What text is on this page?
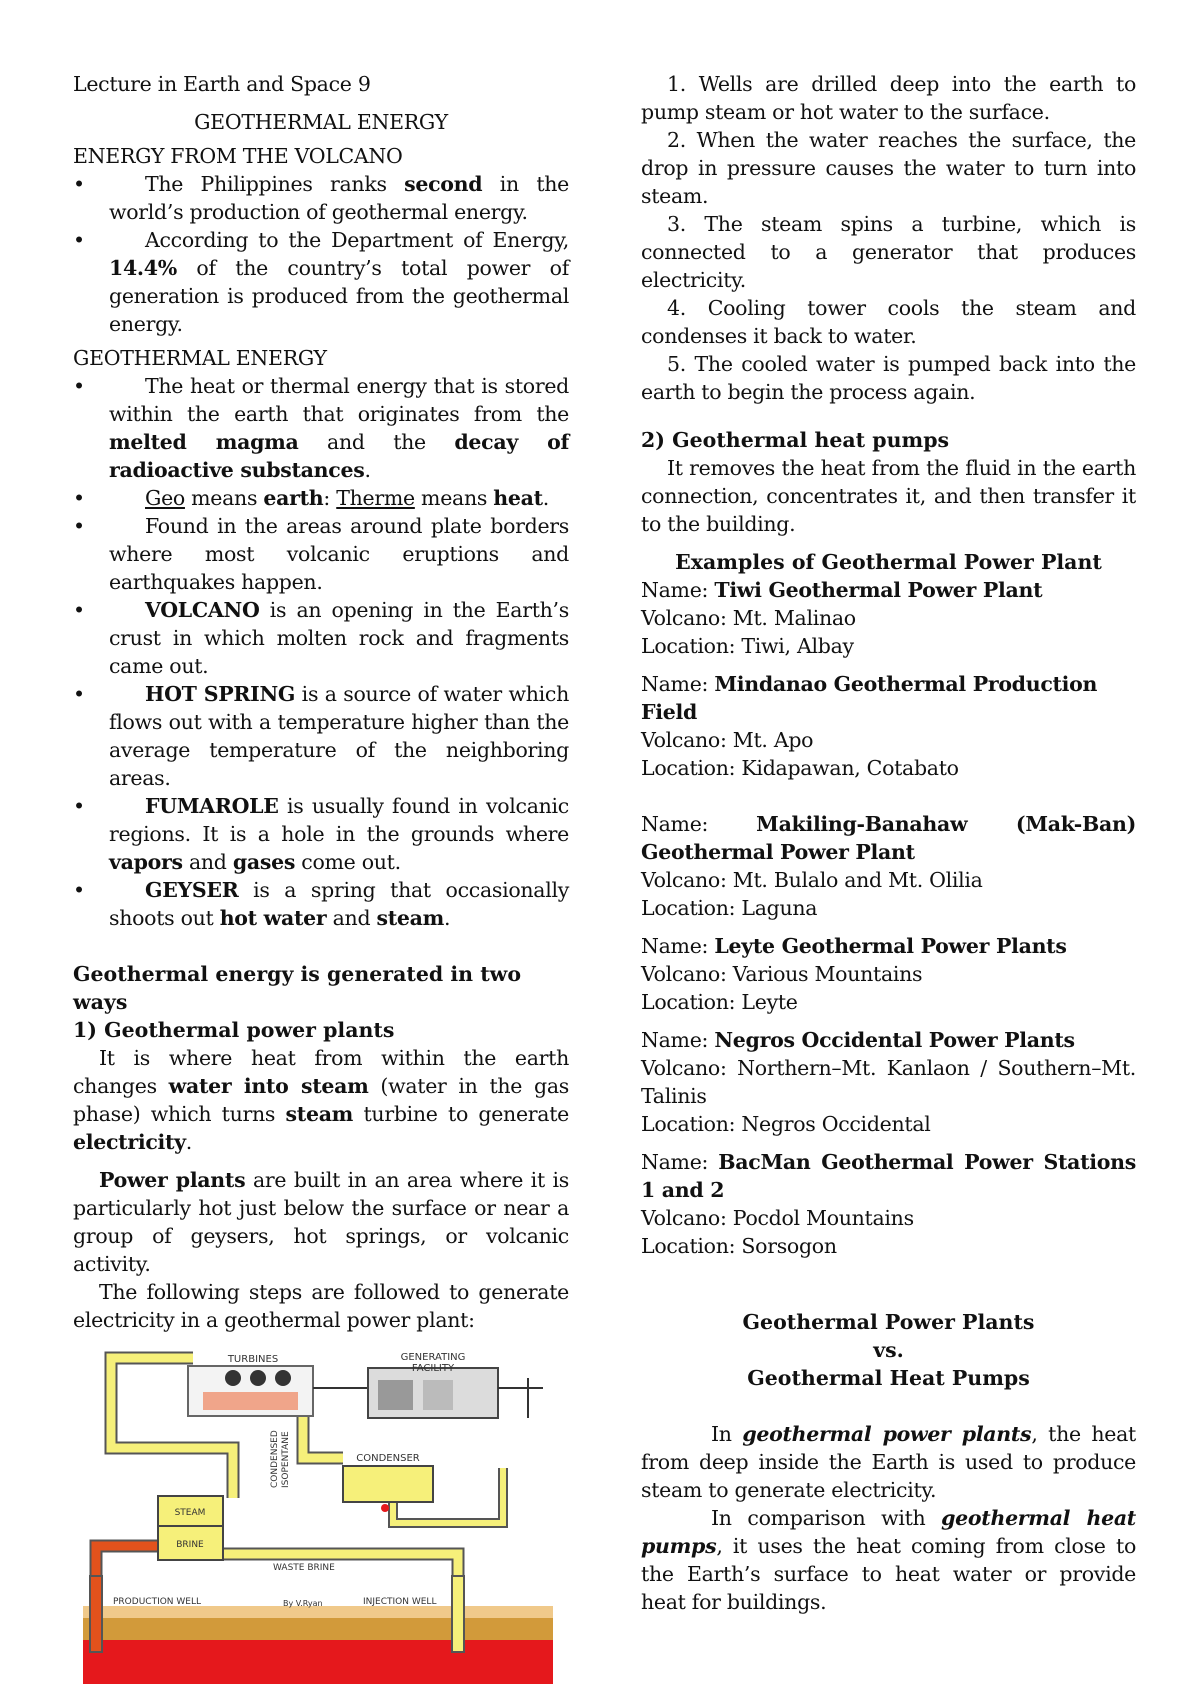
Lecture in Earth and Space 9
GEOTHERMAL ENERGY
ENERGY FROM THE VOLCANO
•	The Philippines ranks second in the world’s production of geothermal energy.
•	According to the Department of Energy, 14.4% of the country’s total power of generation is produced from the geothermal energy.
GEOTHERMAL ENERGY
•	The heat or thermal energy that is stored within the earth that originates from the melted magma and the decay of radioactive substances.
•	Geo means earth: Therme means heat.
•	Found in the areas around plate borders where most volcanic eruptions and earthquakes happen.
•	VOLCANO is an opening in the Earth’s crust in which molten rock and fragments came out.
•	HOT SPRING is a source of water which flows out with a temperature higher than the average temperature of the neighboring areas.
•	FUMAROLE is usually found in volcanic regions. It is a hole in the grounds where vapors and gases come out.
•	GEYSER is a spring that occasionally shoots out hot water and steam.
Geothermal energy is generated in two ways
1) Geothermal power plants

It is where heat from within the earth changes water into steam (water in the gas phase) which turns steam turbine to generate electricity.

Power plants are built in an area where it is particularly hot just below the surface or near a group of geysers, hot springs, or volcanic activity.

The following steps are followed to generate electricity in a geothermal power plant:

TURBINES	GENERATING
FACILITY
CONDENSED ISOPENTANE	CONDENSER
STEAM
BRINE
WASTE BRINE
PRODUCTION WELL	By V.Ryan	INJECTION WELL

1. Wells are drilled deep into the earth to pump steam or hot water to the surface.

2. When the water reaches the surface, the drop in pressure causes the water to turn into steam.

3. The steam spins a turbine, which is connected to a generator that produces electricity.

4. Cooling tower cools the steam and condenses it back to water.

5. The cooled water is pumped back into the earth to begin the process again.

2) Geothermal heat pumps

It removes the heat from the fluid in the earth connection, concentrates it, and then transfer it to the building.

Examples of Geothermal Power Plant
Name: Tiwi Geothermal Power Plant
Volcano: Mt. Malinao
Location: Tiwi, Albay
Name: Mindanao Geothermal Production Field
Volcano: Mt. Apo
Location: Kidapawan, Cotabato
Name: Makiling-Banahaw (Mak-Ban) Geothermal Power Plant
Volcano: Mt. Bulalo and Mt. Olilia
Location: Laguna
Name: Leyte Geothermal Power Plants
Volcano: Various Mountains
Location: Leyte
Name: Negros Occidental Power Plants
Volcano: Northern–Mt. Kanlaon / Southern–Mt. Talinis
Location: Negros Occidental
Name: BacMan Geothermal Power Stations 1 and 2
Volcano: Pocdol Mountains
Location: Sorsogon
Geothermal Power Plants
vs.
Geothermal Heat Pumps

In geothermal power plants, the heat from deep inside the Earth is used to produce steam to generate electricity.

In comparison with geothermal heat pumps, it uses the heat coming from close to the Earth’s surface to heat water or provide heat for buildings.
